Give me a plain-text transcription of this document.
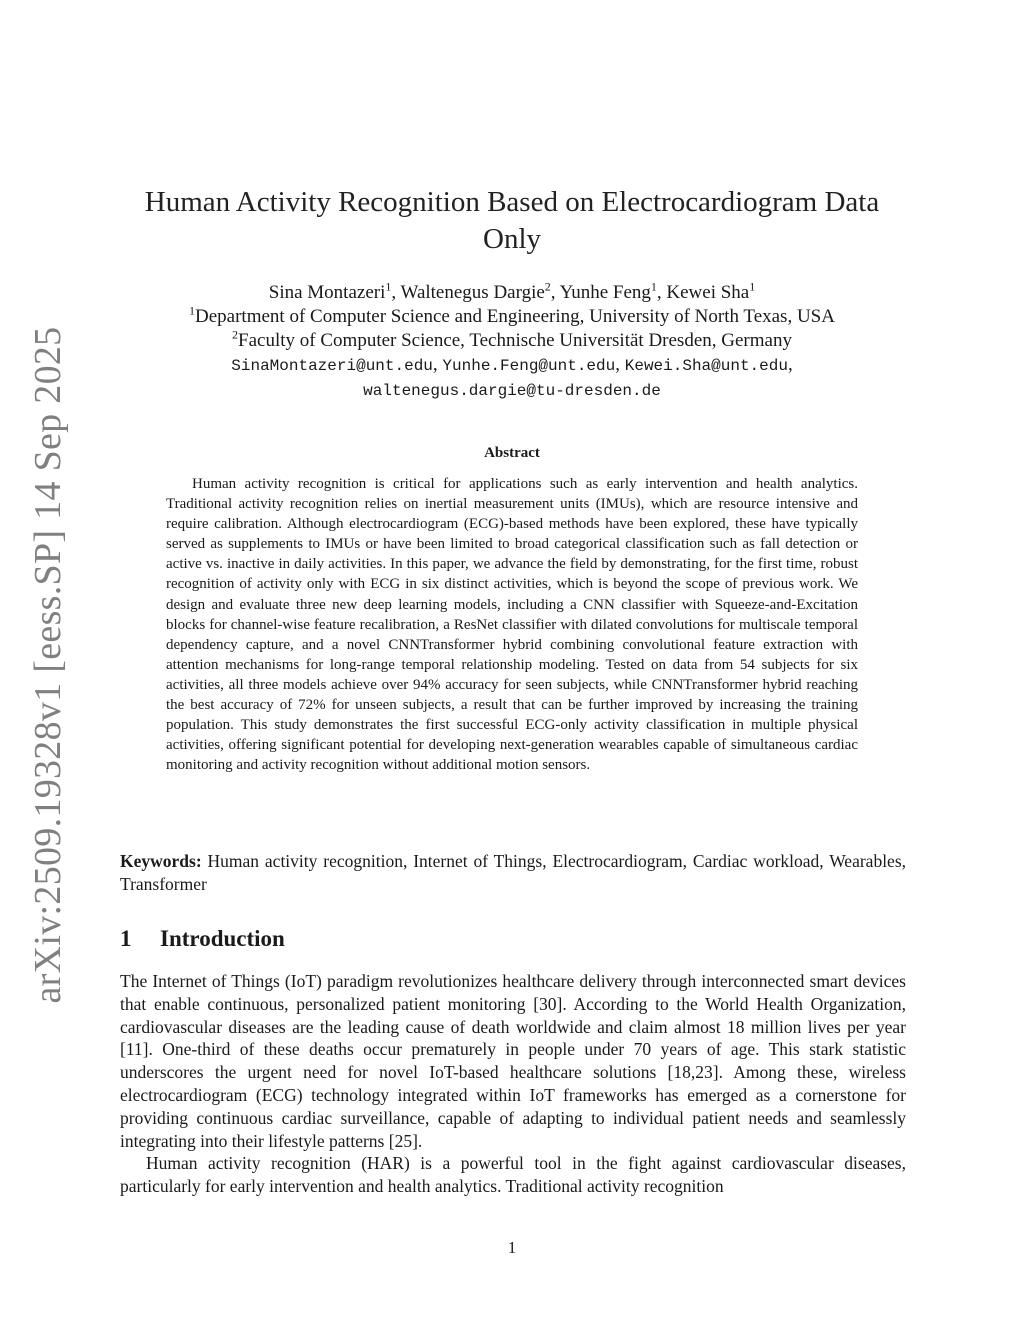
arXiv:2509.19328v1 [eess.SP] 14 Sep 2025
Human Activity Recognition Based on Electrocardiogram Data Only
Sina Montazeri$^1$, Waltenegus Dargie$^2$, Yunhe Feng$^1$, Kewei Sha$^1$
$^1$Department of Computer Science and Engineering, University of North Texas, USA
$^2$Faculty of Computer Science, Technische Universität Dresden, Germany
SinaMontazeri@unt.edu, Yunhe.Feng@unt.edu, Kewei.Sha@unt.edu,
waltenegus.dargie@tu-dresden.de
Abstract

Human activity recognition is critical for applications such as early intervention and health analytics. Traditional activity recognition relies on inertial measurement units (IMUs), which are resource intensive and require calibration. Although electrocardiogram (ECG)-based methods have been explored, these have typically served as supplements to IMUs or have been limited to broad categorical classification such as fall detection or active vs. inactive in daily activities. In this paper, we advance the field by demonstrating, for the first time, robust recognition of activity only with ECG in six distinct activities, which is beyond the scope of previous work. We design and evaluate three new deep learning models, including a CNN classifier with Squeeze-and-Excitation blocks for channel-wise feature recalibration, a ResNet classifier with dilated convolutions for multiscale temporal dependency capture, and a novel CNNTransformer hybrid combining convolutional feature extraction with attention mechanisms for long-range temporal relationship modeling. Tested on data from 54 subjects for six activities, all three models achieve over 94% accuracy for seen subjects, while CNNTransformer hybrid reaching the best accuracy of 72% for unseen subjects, a result that can be further improved by increasing the training population. This study demonstrates the first successful ECG-only activity classification in multiple physical activities, offering significant potential for developing next-generation wearables capable of simultaneous cardiac monitoring and activity recognition without additional motion sensors.

Keywords: Human activity recognition, Internet of Things, Electrocardiogram, Cardiac workload, Wearables, Transformer

1 Introduction

The Internet of Things (IoT) paradigm revolutionizes healthcare delivery through interconnected smart devices that enable continuous, personalized patient monitoring [30]. According to the World Health Organization, cardiovascular diseases are the leading cause of death worldwide and claim almost 18 million lives per year [11]. One-third of these deaths occur prematurely in people under 70 years of age. This stark statistic underscores the urgent need for novel IoT-based healthcare solutions [18,23]. Among these, wireless electrocardiogram (ECG) technology integrated within IoT frameworks has emerged as a cornerstone for providing continuous cardiac surveillance, capable of adapting to individual patient needs and seamlessly integrating into their lifestyle patterns [25].

Human activity recognition (HAR) is a powerful tool in the fight against cardiovascular diseases, particularly for early intervention and health analytics. Traditional activity recognition

1
